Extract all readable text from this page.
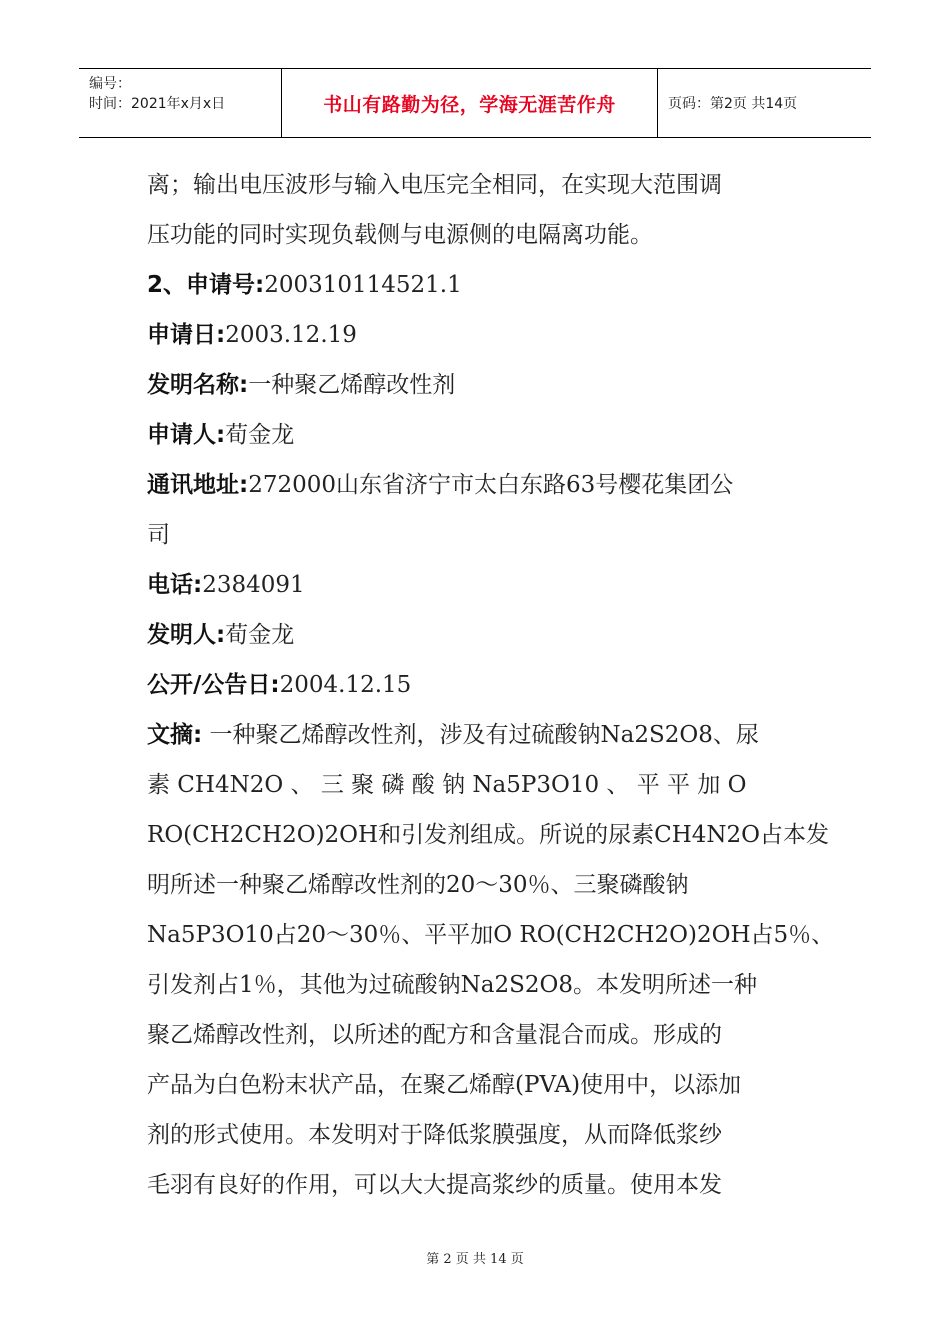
编号：
时间：2021年x月x日	书山有路勤为径，学海无涯苦作舟	页码：第2页 共14页
离；输出电压波形与输入电压完全相同，在实现大范围调
压功能的同时实现负载侧与电源侧的电隔离功能。
2、申请号:200310114521.1
申请日:2003.12.19
发明名称:一种聚乙烯醇改性剂
申请人:荀金龙
通讯地址:272000山东省济宁市太白东路63号樱花集团公
司
电话:2384091
发明人:荀金龙
公开/公告日:2004.12.15
文摘: 一种聚乙烯醇改性剂，涉及有过硫酸钠Na2S2O8、尿
素 CH4N2O 、 三 聚 磷 酸 钠 Na5P3O10 、 平 平 加 O
RO(CH2CH2O)2OH和引发剂组成。所说的尿素CH4N2O占本发
明所述一种聚乙烯醇改性剂的20～30％、三聚磷酸钠
Na5P3O10占20～30％、平平加O RO(CH2CH2O)2OH占5％、
引发剂占1％，其他为过硫酸钠Na2S2O8。本发明所述一种
聚乙烯醇改性剂，以所述的配方和含量混合而成。形成的
产品为白色粉末状产品，在聚乙烯醇(PVA)使用中，以添加
剂的形式使用。本发明对于降低浆膜强度，从而降低浆纱
毛羽有良好的作用，可以大大提高浆纱的质量。使用本发
第 2 页 共 14 页
